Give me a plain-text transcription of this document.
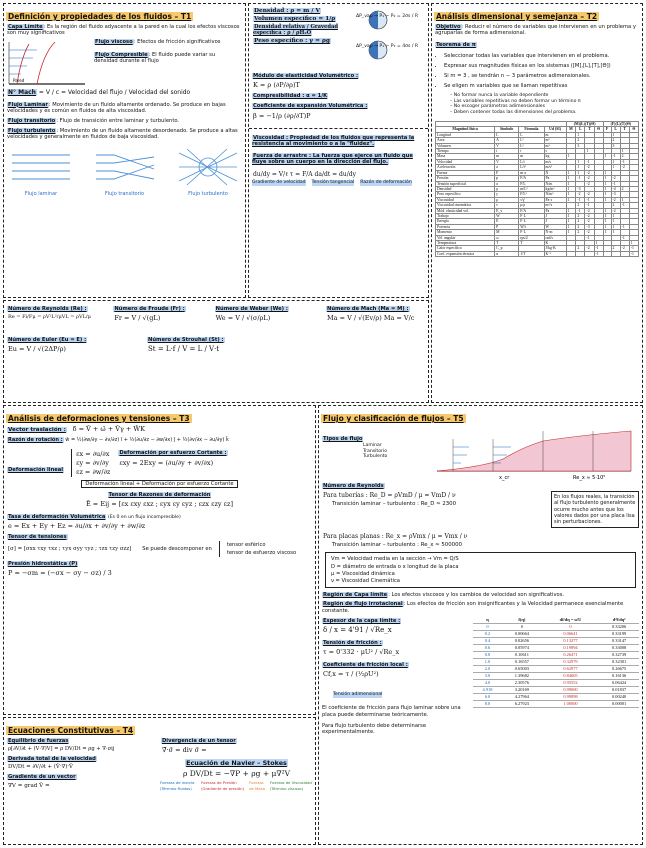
Definición y propiedades de los fluidos – T1
Capa Límite: Es la región del fluido adyacente a la pared en la cual los efectos viscosos son muy significativos
Pared
Flujo viscoso: Efectos de fricción significativos
Flujo Compresible: El fluido puede variar su densidad durante el flujo
N° Mach = V / c = Velocidad del flujo / Velocidad del sonido
Flujo Laminar: Movimiento de un fluido altamente ordenado. Se produce en bajas velocidades y es común en fluidos de alta viscosidad.
Flujo transitorio: Flujo de transición entre laminar y turbulento.
Flujo turbulento: Movimiento de un fluido altamente desordenado. Se produce a altas velocidades y generalmente en fluidos de baja viscosidad.
Flujo laminar	Flujo transitorio	Flujo turbulento
Densidad : ρ = m / V
Volumen específico = 1/ρ
Densidad relativa / Gravedad específica : ρ / ρH₂O
Peso específico : γ = ρg
ΔP_vap → P₁ − P₂ = 2σs / R
ΔP_vap → P₁ − P₂ = 4σs / R
Módulo de elasticidad Volumétrico :
K = ρ (∂P/∂ρ)T
Compresibilidad : α = 1/K
Coeficiente de expansión Volumétrica :
β = −1/ρ (∂ρ/∂T)P
Viscosidad : Propiedad de los fluidos que representa la resistencia al movimiento o a la "fluidez".
Fuerza de arrastre : La fuerza que ejerce un fluido que fluye sobre un cuerpo en la dirección del flujo.
du/dy = V/ℓ τ = F/A da/dt = du/dy
Gradiente de velocidad Tensión tangencial Razón de deformación
Análisis dimensional y semejanza – T2
Objetivo: Reducir el número de variables que intervienen en un problema y agruparlas de forma adimensional.
Teorema de π
• Seleccionar todas las variables que intervienen en el problema.
• Expresar sus magnitudes físicas en los sistemas ([M],[L],[T],[Θ])
• Si m = 3 , se tendrán n − 3 parámetros adimensionales.
• Se eligen m variables que se llaman repetitivas
– No formar nunca la variable dependiente
– Las variables repetitivas no deben formar un término π
– No escoger parámetros adimensionales
– Deben contener todas las dimensiones del problema.
				(M)(L)(T)(Θ)				(F)(L)(T)(Θ)			
Magnitud física	Símbolo	Fórmula	Ud (SI)	M	L	T	Θ	F	L	T	Θ
Longitud	L	L	m		1				1		
Área	A	L²	m²		2				2		
Volumen	V	L³	m³		3				3		
Tiempo	t	t	s			1				1	
Masa	m	m	kg	1				1	-1	2	
Velocidad	V	L/t	m/s		1	-1			1	-1	
Aceleración	a	L/t²	m/s²		1	-2			1	-2	
Fuerza	F	m·a	N	1	1	-2		1			
Presión	p	F/A	Pa	1	-1	-2		1	-2		
Tensión superficial	σ	F/L	N/m	1		-2		1	-1		
Densidad	ρ	m/L³	kg/m³	1	-3			1	-4	2	
Peso específico	γ	F/L³	N/m³	1	-2	-2		1	-3		
Viscosidad	μ	τ/γ'	Pa·s	1	-1	-1		1	-2	1	
Viscosidad cinemática	ν	μ/ρ	m²/s		2	-1			2	-1	
Mód. elasticidad vol.	E_v	F/A	Pa	1	-1	-2		1	-2		
Trabajo	W	F·L	J	1	2	-2		1	1		
Energía	E	F·L	J	1	2	-2		1	1		
Potencia	P	W/t	W	1	2	-3		1	1	-1	
Momento	M	F·L	N·m	1	2	-2		1	1		
Vel. angular	ω	rps/2	rad/s			-1				-1	
Temperatura	T	T	K				1				1
Calor específico	C_p		J/kg·K		2	-2	-1		2	-2	-1
Coef. expansión térmica	α	1/T	K⁻¹				-1				-1
Número de Reynolds (Re) :
Re = Fi/Fμ = ρV²L²/μVL = ρVL/μ
Número de Froude (Fr) :
Fr = V / √(gL)
Número de Weber (We) :
We = V / √(σ/ρL)
Número de Mach (Ma = M) :
Ma = V / √(Ev/ρ) Ma = V/c
Número de Euler (Eu = E) :
Eu = V / √(2ΔP/ρ)
Número de Strouhal (St) :
St = L·f / V = L / V·t
Análisis de deformaciones y tensiones – T3
Vector traslación : δ̄ = V̄ + ω̄ + V̄γ + W̄K
Razón de rotación : w̄ = ½(∂w/∂y − ∂v/∂z) ī + ½(∂u/∂z − ∂w/∂x) j̄ + ½(∂v/∂x − ∂u/∂y) k̄
Deformación lineal
εx = ∂u/∂x
εy = ∂v/∂y
εz = ∂w/∂z
Deformación por esfuerzo Cortante :
εxy = 2Exy = (∂u/∂y + ∂v/∂x)
Deformación lineal + Deformación por esfuerzo Cortante
Tensor de Razones de deformación
Ē = Eij = [εx εxy εxz ; εyx εy εyz ; εzx εzy εz]
Tasa de deformación Volumétrica (Es 0 en un flujo incompresible)
e = Ex + Ey + Ez = ∂u/∂x + ∂v/∂y + ∂w/∂z
Tensor de tensiones
[σ] = [σxx τxy τxz ; τyx σyy τyz ; τzx τzy σzz] Se puede descomponer en
tensor esférico
tensor de esfuerzo viscoso
Presión hidrostática (P)
P = −σm = (−σx − σy − σz) / 3
Ecuaciones Constitutivas – T4
Equilibrio de fuerzas
ρ[∂V/∂t + (V·∇)V] = ρ DV/Dt = ρg + ∇·σij
Derivada total de la velocidad
DV/Dt = ∂V/∂t + (V̄·∇)·V̄
Gradiente de un vector
∇̄V = grad V̄ =
Divergencia de un tensor
∇̄·σ̄ = div σ̄ =
Ecuación de Navier – Stokes
ρ DV/Dt = −∇P + ρg + μ∇²V
Fuerzas de inercia (Término fluidos)
Fuerzas de Presión (Gradiente de presión)
Fuerzas de Masa
Fuerzas de Viscosidad (Término viscoso)
Flujo y clasificación de flujos – T5
Tipos de flujo
Laminar
Transitorio
Turbulento
x_cr	Re_x ≈ 5·10⁵
Número de Reynolds
Para tuberías : Re_D = ρVmD / μ = VmD / ν
Transición laminar – turbulento : Re_D ≈ 2300
En los flujos reales, la transición al flujo turbulento generalmente ocurre mucho antes que los valores dados por una placa lisa sin perturbaciones.
Para placas planas : Re_x = ρVmx / μ = Vmx / ν
Transición laminar – turbulento : Re_x ≈ 500000
Vm = Velocidad media en la sección → Vm = Q/S
D = diámetro de entrada o x longitud de la placa
μ = Viscosidad dinámica
ν = Viscosidad Cinemática
Región de Capa límite: Los efectos viscosos y los cambios de velocidad son significativos.
Región de flujo irrotacional: Los efectos de fricción son insignificantes y la Velocidad permanece esencialmente constante.
Espesor de la capa límite :
δ / x = 4'91 / √Re_x
Tensión de fricción :
τ = 0'332 · μU² / √Re_x
Coeficiente de fricción local :
Cf,x = τ / (½ρU²)
Tensión adimensional
El coeficiente de fricción para flujo laminar sobre una placa puede determinarse teóricamente.
Para flujo turbulento debe determinarse experimentalmente.
η	f(η)	df/dη = u/U	d²f/dη²
0	0	0	0.33206
0.2	0.00664	0.06641	0.33199
0.4	0.02656	0.13277	0.33147
0.6	0.05974	0.19894	0.33008
0.8	0.10611	0.26471	0.32739
1.0	0.16557	0.32979	0.32301
2.0	0.65003	0.62977	0.26675
3.0	1.39682	0.84605	0.16136
4.0	2.30576	0.95552	0.06424
4.918	3.20169	0.99000	0.01837
6.0	4.27964	0.99898	0.00240
8.0	6.27923	1.00000	0.00001
